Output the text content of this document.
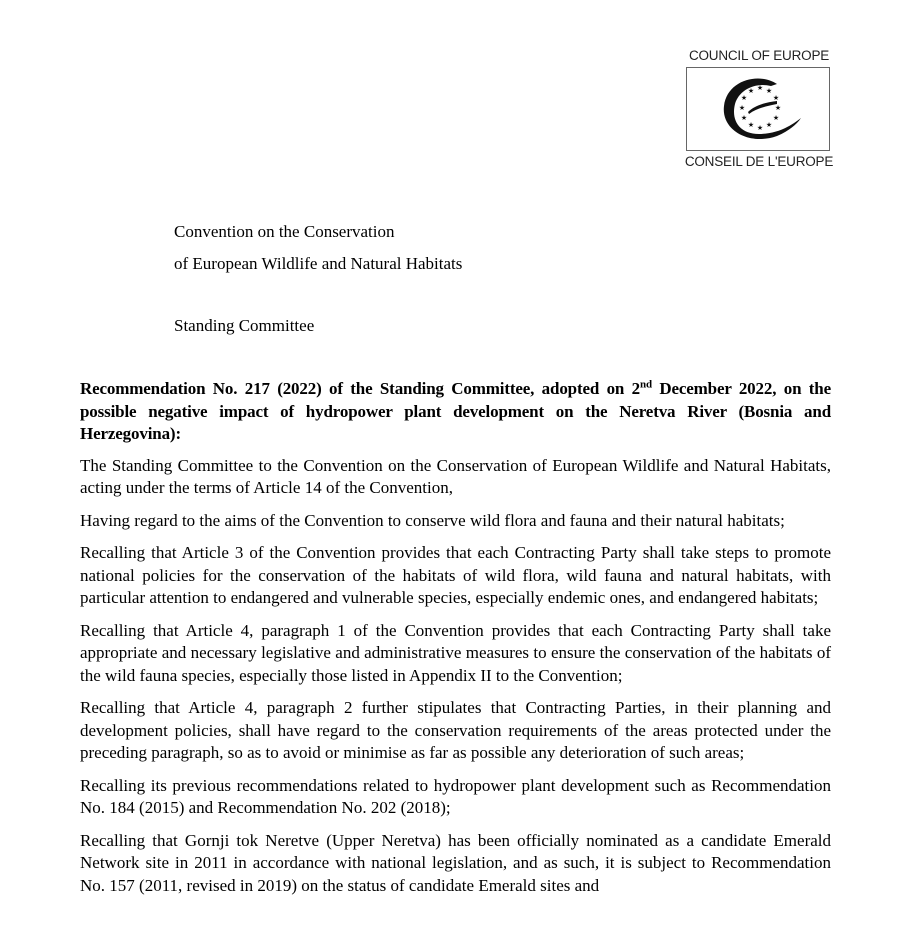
COUNCIL OF EUROPE
★ ★
★
★
★
★
★
★
★
★
★
★
CONSEIL DE L'EUROPE
Convention on the Conservation
of European Wildlife and Natural Habitats
Standing Committee

Recommendation No. 217 (2022) of the Standing Committee, adopted on 2nd December 2022, on the possible negative impact of hydropower plant development on the Neretva River (Bosnia and Herzegovina):

The Standing Committee to the Convention on the Conservation of European Wildlife and Natural Habitats, acting under the terms of Article 14 of the Convention,

Having regard to the aims of the Convention to conserve wild flora and fauna and their natural habitats;

Recalling that Article 3 of the Convention provides that each Contracting Party shall take steps to promote national policies for the conservation of the habitats of wild flora, wild fauna and natural habitats, with particular attention to endangered and vulnerable species, especially endemic ones, and endangered habitats;

Recalling that Article 4, paragraph 1 of the Convention provides that each Contracting Party shall take appropriate and necessary legislative and administrative measures to ensure the conservation of the habitats of the wild fauna species, especially those listed in Appendix II to the Convention;

Recalling that Article 4, paragraph 2 further stipulates that Contracting Parties, in their planning and development policies, shall have regard to the conservation requirements of the areas protected under the preceding paragraph, so as to avoid or minimise as far as possible any deterioration of such areas;

Recalling its previous recommendations related to hydropower plant development such as Recommendation No. 184 (2015) and Recommendation No. 202 (2018);

Recalling that Gornji tok Neretve (Upper Neretva) has been officially nominated as a candidate Emerald Network site in 2011 in accordance with national legislation, and as such, it is subject to Recommendation No. 157 (2011, revised in 2019) on the status of candidate Emerald sites and
